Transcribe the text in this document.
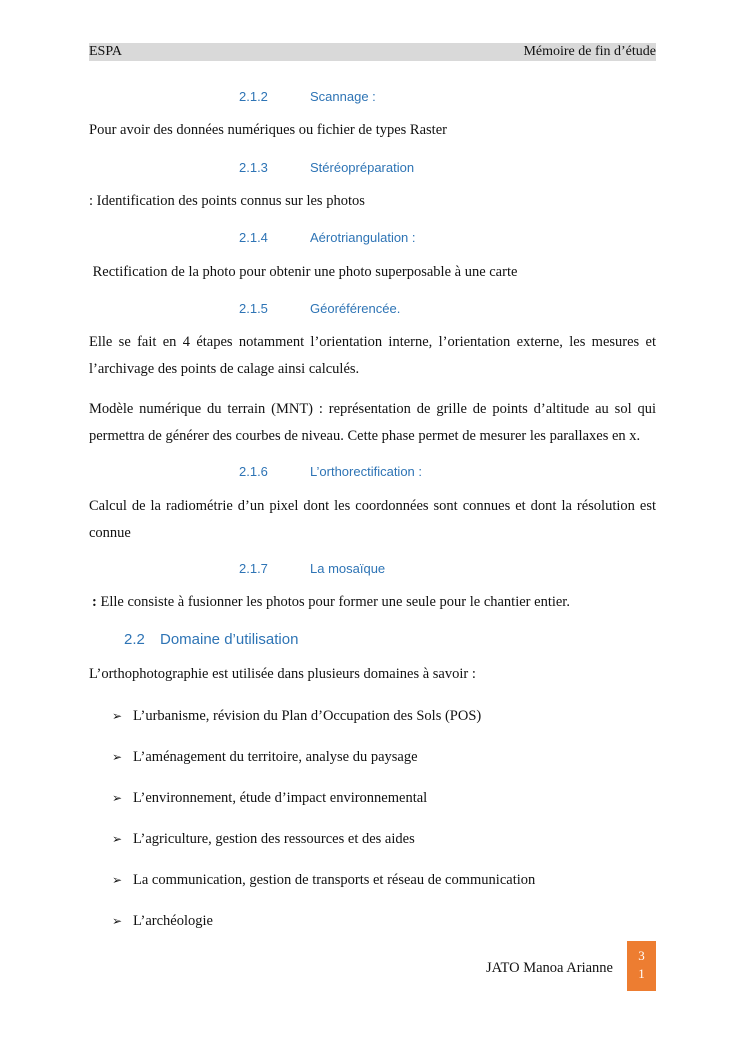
ESPA	Mémoire de fin d’étude
2.1.2	Scannage :

Pour avoir des données numériques ou fichier de types Raster

2.1.3	Stéréopréparation

: Identification des points connus sur les photos

2.1.4	Aérotriangulation :

Rectification de la photo pour obtenir une photo superposable à une carte

2.1.5	Géoréférencée.

Elle se fait en 4 étapes notamment l’orientation interne, l’orientation externe, les mesures et l’archivage des points de calage ainsi calculés.

Modèle numérique du terrain (MNT) : représentation de grille de points d’altitude au sol qui permettra de générer des courbes de niveau. Cette phase permet de mesurer les parallaxes en x.

2.1.6	L’orthorectification :

Calcul de la radiométrie d’un pixel dont les coordonnées sont connues et dont la résolution est connue

2.1.7	La mosaïque

: Elle consiste à fusionner les photos pour former une seule pour le chantier entier.

2.2 Domaine d’utilisation

L’orthophotographie est utilisée dans plusieurs domaines à savoir :

➢ L’urbanisme, révision du Plan d’Occupation des Sols (POS)
➢ L’aménagement du territoire, analyse du paysage
➢ L’environnement, étude d’impact environnemental
➢ L’agriculture, gestion des ressources et des aides
➢ La communication, gestion de transports et réseau de communication
➢ L’archéologie
JATO Manoa Arianne
3
1
